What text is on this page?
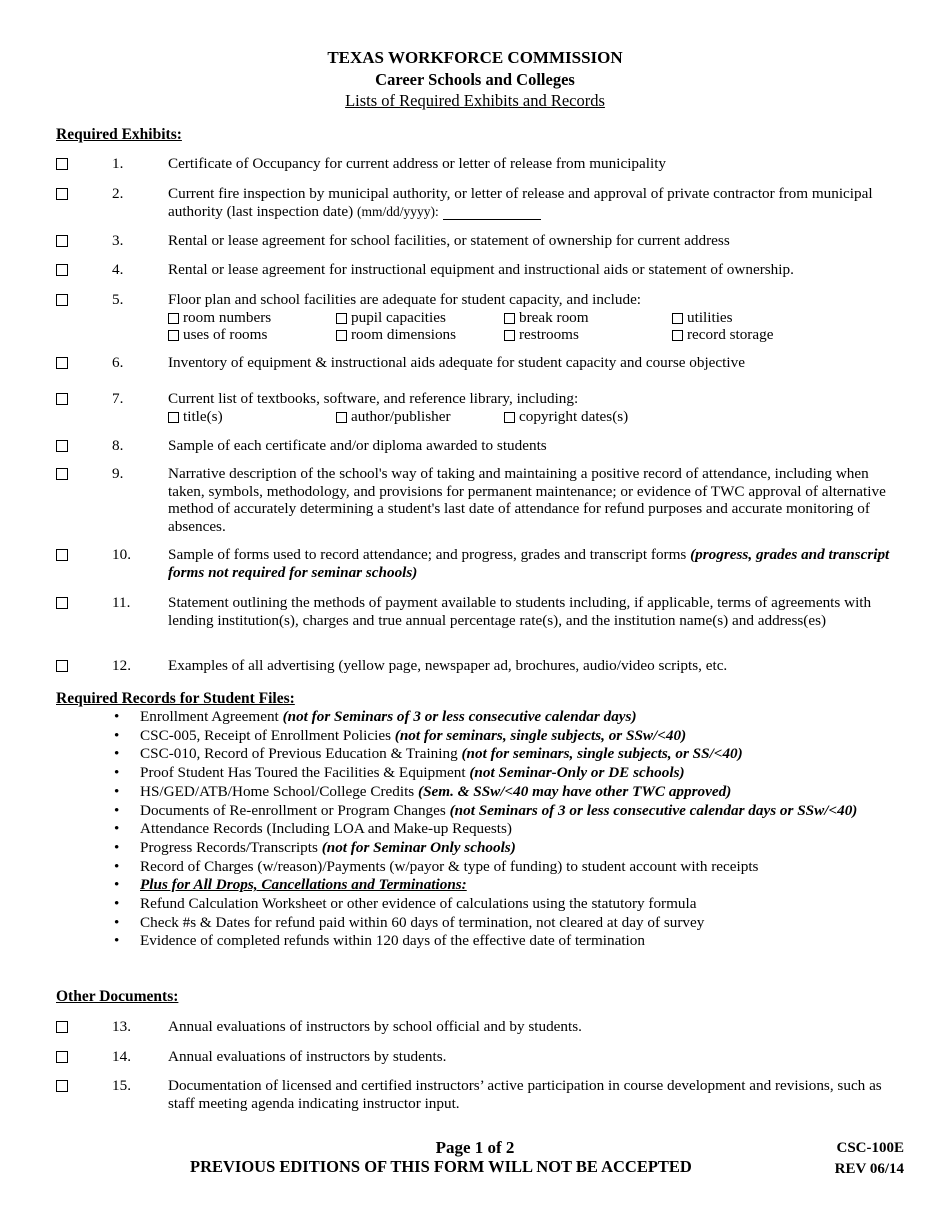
TEXAS WORKFORCE COMMISSION
Career Schools and Colleges
Lists of Required Exhibits and Records
Required Exhibits:
1.	Certificate of Occupancy for current address or letter of release from municipality
2.	Current fire inspection by municipal authority, or letter of release and approval of private contractor from municipal authority (last inspection date) (mm/dd/yyyy):
3.	Rental or lease agreement for school facilities, or statement of ownership for current address
4.	Rental or lease agreement for instructional equipment and instructional aids or statement of ownership.
5.	Floor plan and school facilities are adequate for student capacity, and include:
room numbers	pupil capacities	break room	utilities
uses of rooms	room dimensions	restrooms	record storage
6.	Inventory of equipment & instructional aids adequate for student capacity and course objective
7.	Current list of textbooks, software, and reference library, including:
title(s)	author/publisher	copyright dates(s)
8.	Sample of each certificate and/or diploma awarded to students
9.	Narrative description of the school's way of taking and maintaining a positive record of attendance, including when taken, symbols, methodology, and provisions for permanent maintenance; or evidence of TWC approval of alternative method of accurately determining a student's last date of attendance for refund purposes and accurate monitoring of absences.
10. Sample of forms used to record attendance; and progress, grades and transcript forms (progress, grades and transcript forms not required for seminar schools)
11. Statement outlining the methods of payment available to students including, if applicable, terms of agreements with lending institution(s), charges and true annual percentage rate(s), and the institution name(s) and address(es)
12. Examples of all advertising (yellow page, newspaper ad, brochures, audio/video scripts, etc.
Required Records for Student Files:
• Enrollment Agreement (not for Seminars of 3 or less consecutive calendar days)
• CSC-005, Receipt of Enrollment Policies (not for seminars, single subjects, or SSw/<40)
• CSC-010, Record of Previous Education & Training (not for seminars, single subjects, or SS/<40)
• Proof Student Has Toured the Facilities & Equipment (not Seminar-Only or DE schools)
• HS/GED/ATB/Home School/College Credits (Sem. & SSw/<40 may have other TWC approved)
• Documents of Re-enrollment or Program Changes (not Seminars of 3 or less consecutive calendar days or SSw/<40)
• Attendance Records (Including LOA and Make-up Requests)
• Progress Records/Transcripts (not for Seminar Only schools)
• Record of Charges (w/reason)/Payments (w/payor & type of funding) to student account with receipts
• Plus for All Drops, Cancellations and Terminations:
• Refund Calculation Worksheet or other evidence of calculations using the statutory formula
• Check #s & Dates for refund paid within 60 days of termination, not cleared at day of survey
• Evidence of completed refunds within 120 days of the effective date of termination
Other Documents:
13. Annual evaluations of instructors by school official and by students.
14. Annual evaluations of instructors by students.
15. Documentation of licensed and certified instructors’ active participation in course development and revisions, such as staff meeting agenda indicating instructor input.
Page 1 of 2
PREVIOUS EDITIONS OF THIS FORM WILL NOT BE ACCEPTED
CSC-100E
REV 06/14
